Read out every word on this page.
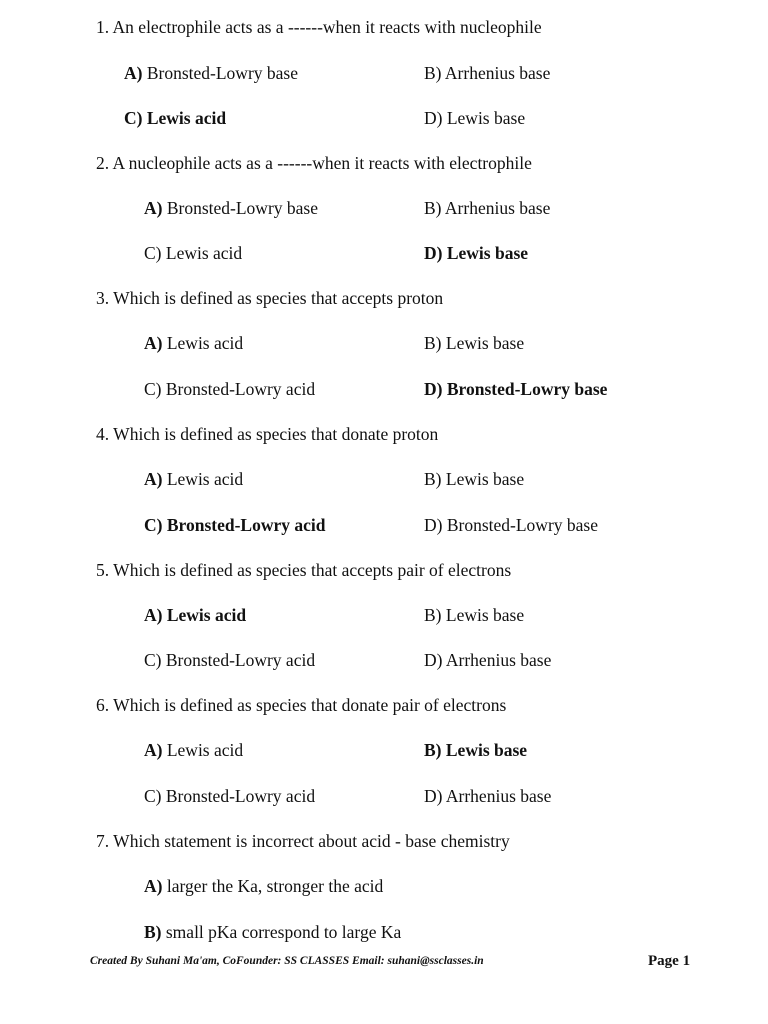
1. An electrophile acts as a ------when it reacts with nucleophile
A) Bronsted-Lowry base	B) Arrhenius base
C) Lewis acid	D) Lewis base
2. A nucleophile acts as a ------when it reacts with electrophile
A) Bronsted-Lowry base	B) Arrhenius base
C) Lewis acid	D) Lewis base
3. Which is defined as species that accepts proton
A) Lewis acid	B) Lewis base
C) Bronsted-Lowry acid	D) Bronsted-Lowry base
4. Which is defined as species that donate proton
A) Lewis acid	B) Lewis base
C) Bronsted-Lowry acid	D) Bronsted-Lowry base
5. Which is defined as species that accepts pair of electrons
A) Lewis acid	B) Lewis base
C) Bronsted-Lowry acid	D) Arrhenius base
6. Which is defined as species that donate pair of electrons
A) Lewis acid	B) Lewis base
C) Bronsted-Lowry acid	D) Arrhenius base
7. Which statement is incorrect about acid - base chemistry
A) larger the Ka, stronger the acid
B) small pKa correspond to large Ka
Created By Suhani Ma'am, CoFounder: SS CLASSES Email: suhani@ssclasses.in	Page 1
